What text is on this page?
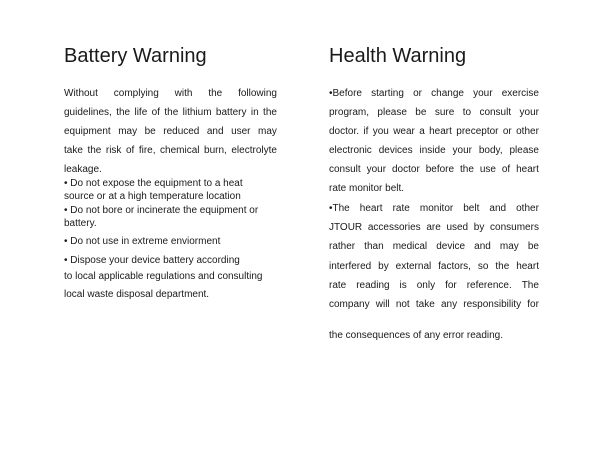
Battery Warning
Without complying with the following
guidelines, the life of the lithium battery in the
equipment may be reduced and user may
take the risk of fire, chemical burn, electrolyte
leakage.
• Do not expose the equipment to a heat
source or at a high temperature location
• Do not bore or incinerate the equipment or
battery.
• Do not use in extreme enviorment
• Dispose your device battery according
to local applicable regulations and consulting
local waste disposal department.
Health Warning
•Before starting or change your exercise
program, please be sure to consult your
doctor. if you wear a heart preceptor or other
electronic devices inside your body, please
consult your doctor before the use of heart
rate monitor belt.
•The heart rate monitor belt and other
JTOUR accessories are used by consumers
rather than medical device and may be
interfered by external factors, so the heart
rate reading is only for reference. The
company will not take any responsibility for
the consequences of any error reading.
